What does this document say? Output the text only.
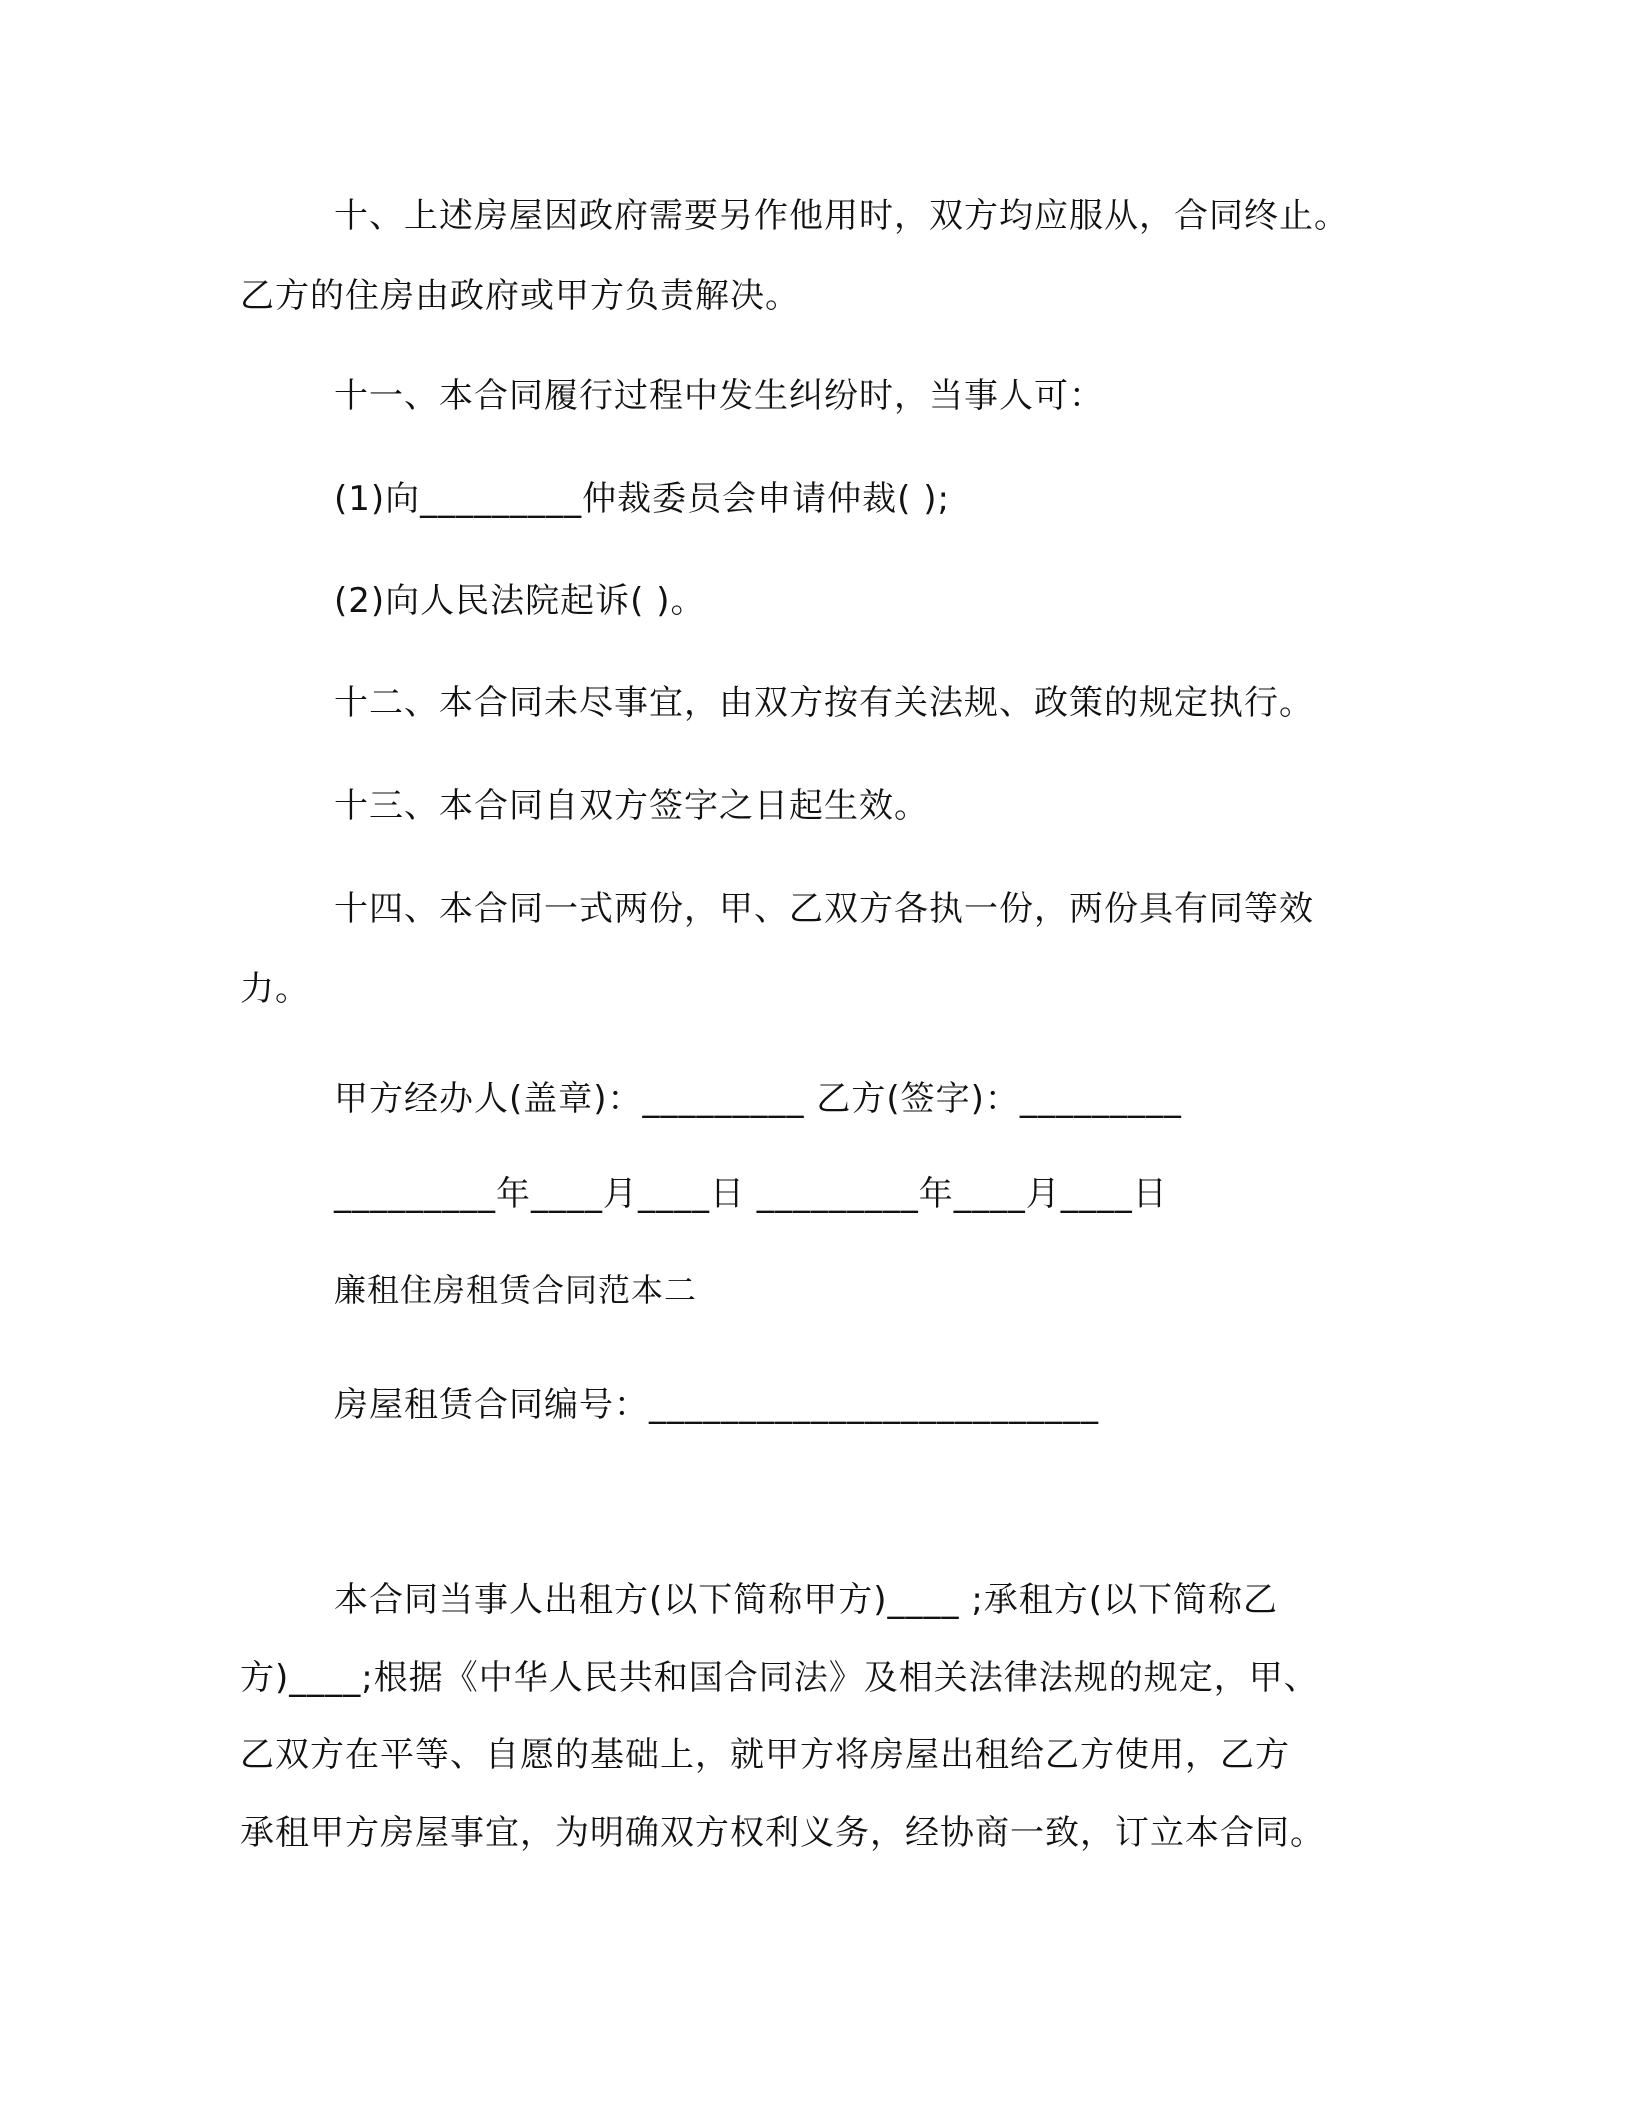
十、上述房屋因政府需要另作他用时，双方均应服从，合同终止。
乙方的住房由政府或甲方负责解决。
十一、本合同履行过程中发生纠纷时，当事人可：
(1)向_________仲裁委员会申请仲裁( );
(2)向人民法院起诉( )。
十二、本合同未尽事宜，由双方按有关法规、政策的规定执行。
十三、本合同自双方签字之日起生效。
十四、本合同一式两份，甲、乙双方各执一份，两份具有同等效
力。
甲方经办人(盖章)：_________ 乙方(签字)：_________
_________年____月____日 _________年____月____日
廉租住房租赁合同范本二
房屋租赁合同编号：_________________________
本合同当事人出租方(以下简称甲方)____ ;承租方(以下简称乙
方)____;根据《中华人民共和国合同法》及相关法律法规的规定，甲、
乙双方在平等、自愿的基础上，就甲方将房屋出租给乙方使用，乙方
承租甲方房屋事宜，为明确双方权利义务，经协商一致，订立本合同。
